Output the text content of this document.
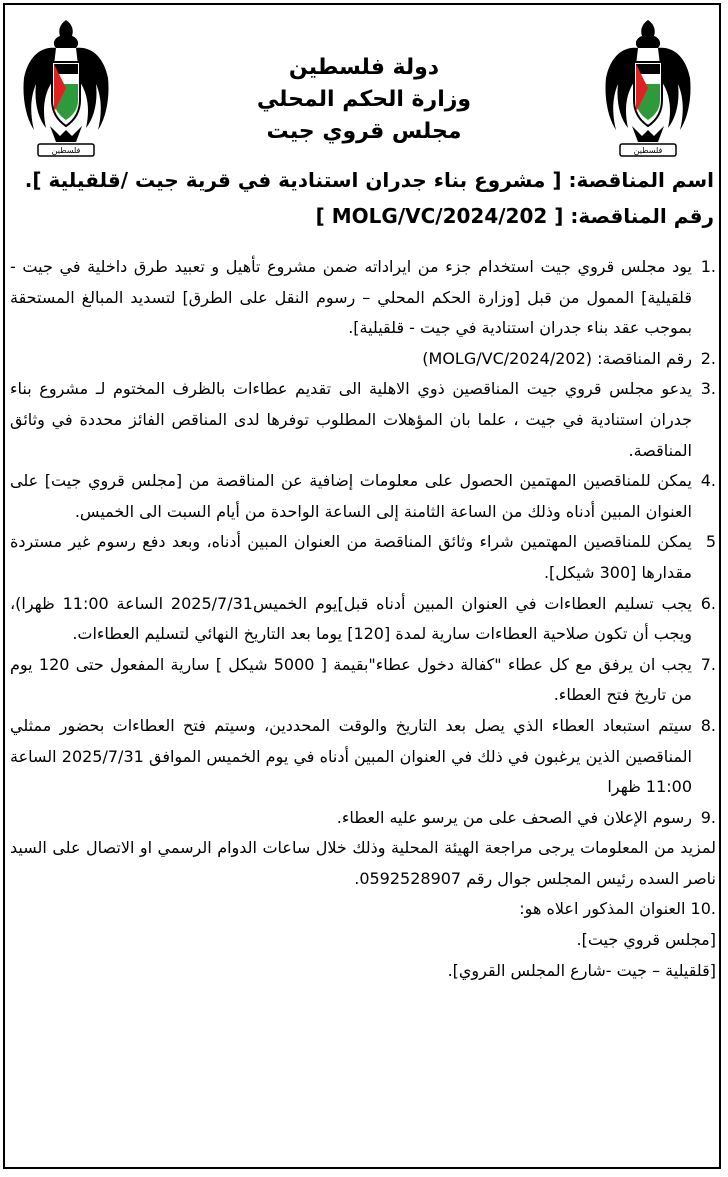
فلسطين	فلسطين
دولة فلسطين
وزارة الحكم المحلي
مجلس قروي جيت
اسم المناقصة: [ مشروع بناء جدران استنادية في قرية جيت /قلقيلية ].
رقم المناقصة: [ MOLG/VC/2024/202 ]
.1
يود مجلس قروي جيت استخدام جزء من ايراداته ضمن مشروع تأهيل و تعبيد طرق داخلية في جيت - قلقيلية] الممول من قبل [وزارة الحكم المحلي – رسوم النقل على الطرق] لتسديد المبالغ المستحقة بموجب عقد بناء جدران استنادية في جيت - قلقيلية].
.2
رقم المناقصة: (MOLG/VC/2024/202)
.3
يدعو مجلس قروي جيت المناقصين ذوي الاهلية الى تقديم عطاءات بالظرف المختوم لـ مشروع بناء جدران استنادية في جيت ، علما بان المؤهلات المطلوب توفرها لدى المناقص الفائز محددة في وثائق المناقصة.
.4
يمكن للمناقصين المهتمين الحصول على معلومات إضافية عن المناقصة من [مجلس قروي جيت] على العنوان المبين أدناه وذلك من الساعة الثامنة إلى الساعة الواحدة من أيام السبت الى الخميس.
5
يمكن للمناقصين المهتمين شراء وثائق المناقصة من العنوان المبين أدناه، وبعد دفع رسوم غير مستردة مقدارها [300 شيكل].
.6
يجب تسليم العطاءات في العنوان المبين أدناه قبل]يوم الخميس2025/7/31 الساعة 11:00 ظهرا)، ويجب أن تكون صلاحية العطاءات سارية لمدة [120] يوما بعد التاريخ النهائي لتسليم العطاءات.
.7
يجب ان يرفق مع كل عطاء "كفالة دخول عطاء"بقيمة [ 5000 شيكل ] سارية المفعول حتى 120 يوم من تاريخ فتح العطاء.
.8
سيتم استبعاد العطاء الذي يصل بعد التاريخ والوقت المحددين، وسيتم فتح العطاءات بحضور ممثلي المناقصين الذين يرغبون في ذلك في العنوان المبين أدناه في يوم الخميس الموافق 2025/7/31 الساعة 11:00 ظهرا
.9
رسوم الإعلان في الصحف على من يرسو عليه العطاء.
لمزيد من المعلومات يرجى مراجعة الهيئة المحلية وذلك خلال ساعات الدوام الرسمي او الاتصال على السيد ناصر السده رئيس المجلس جوال رقم 0592528907.
.10 العنوان المذكور اعلاه هو:
[مجلس قروي جيت].
[قلقيلية – جيت -شارع المجلس القروي].
